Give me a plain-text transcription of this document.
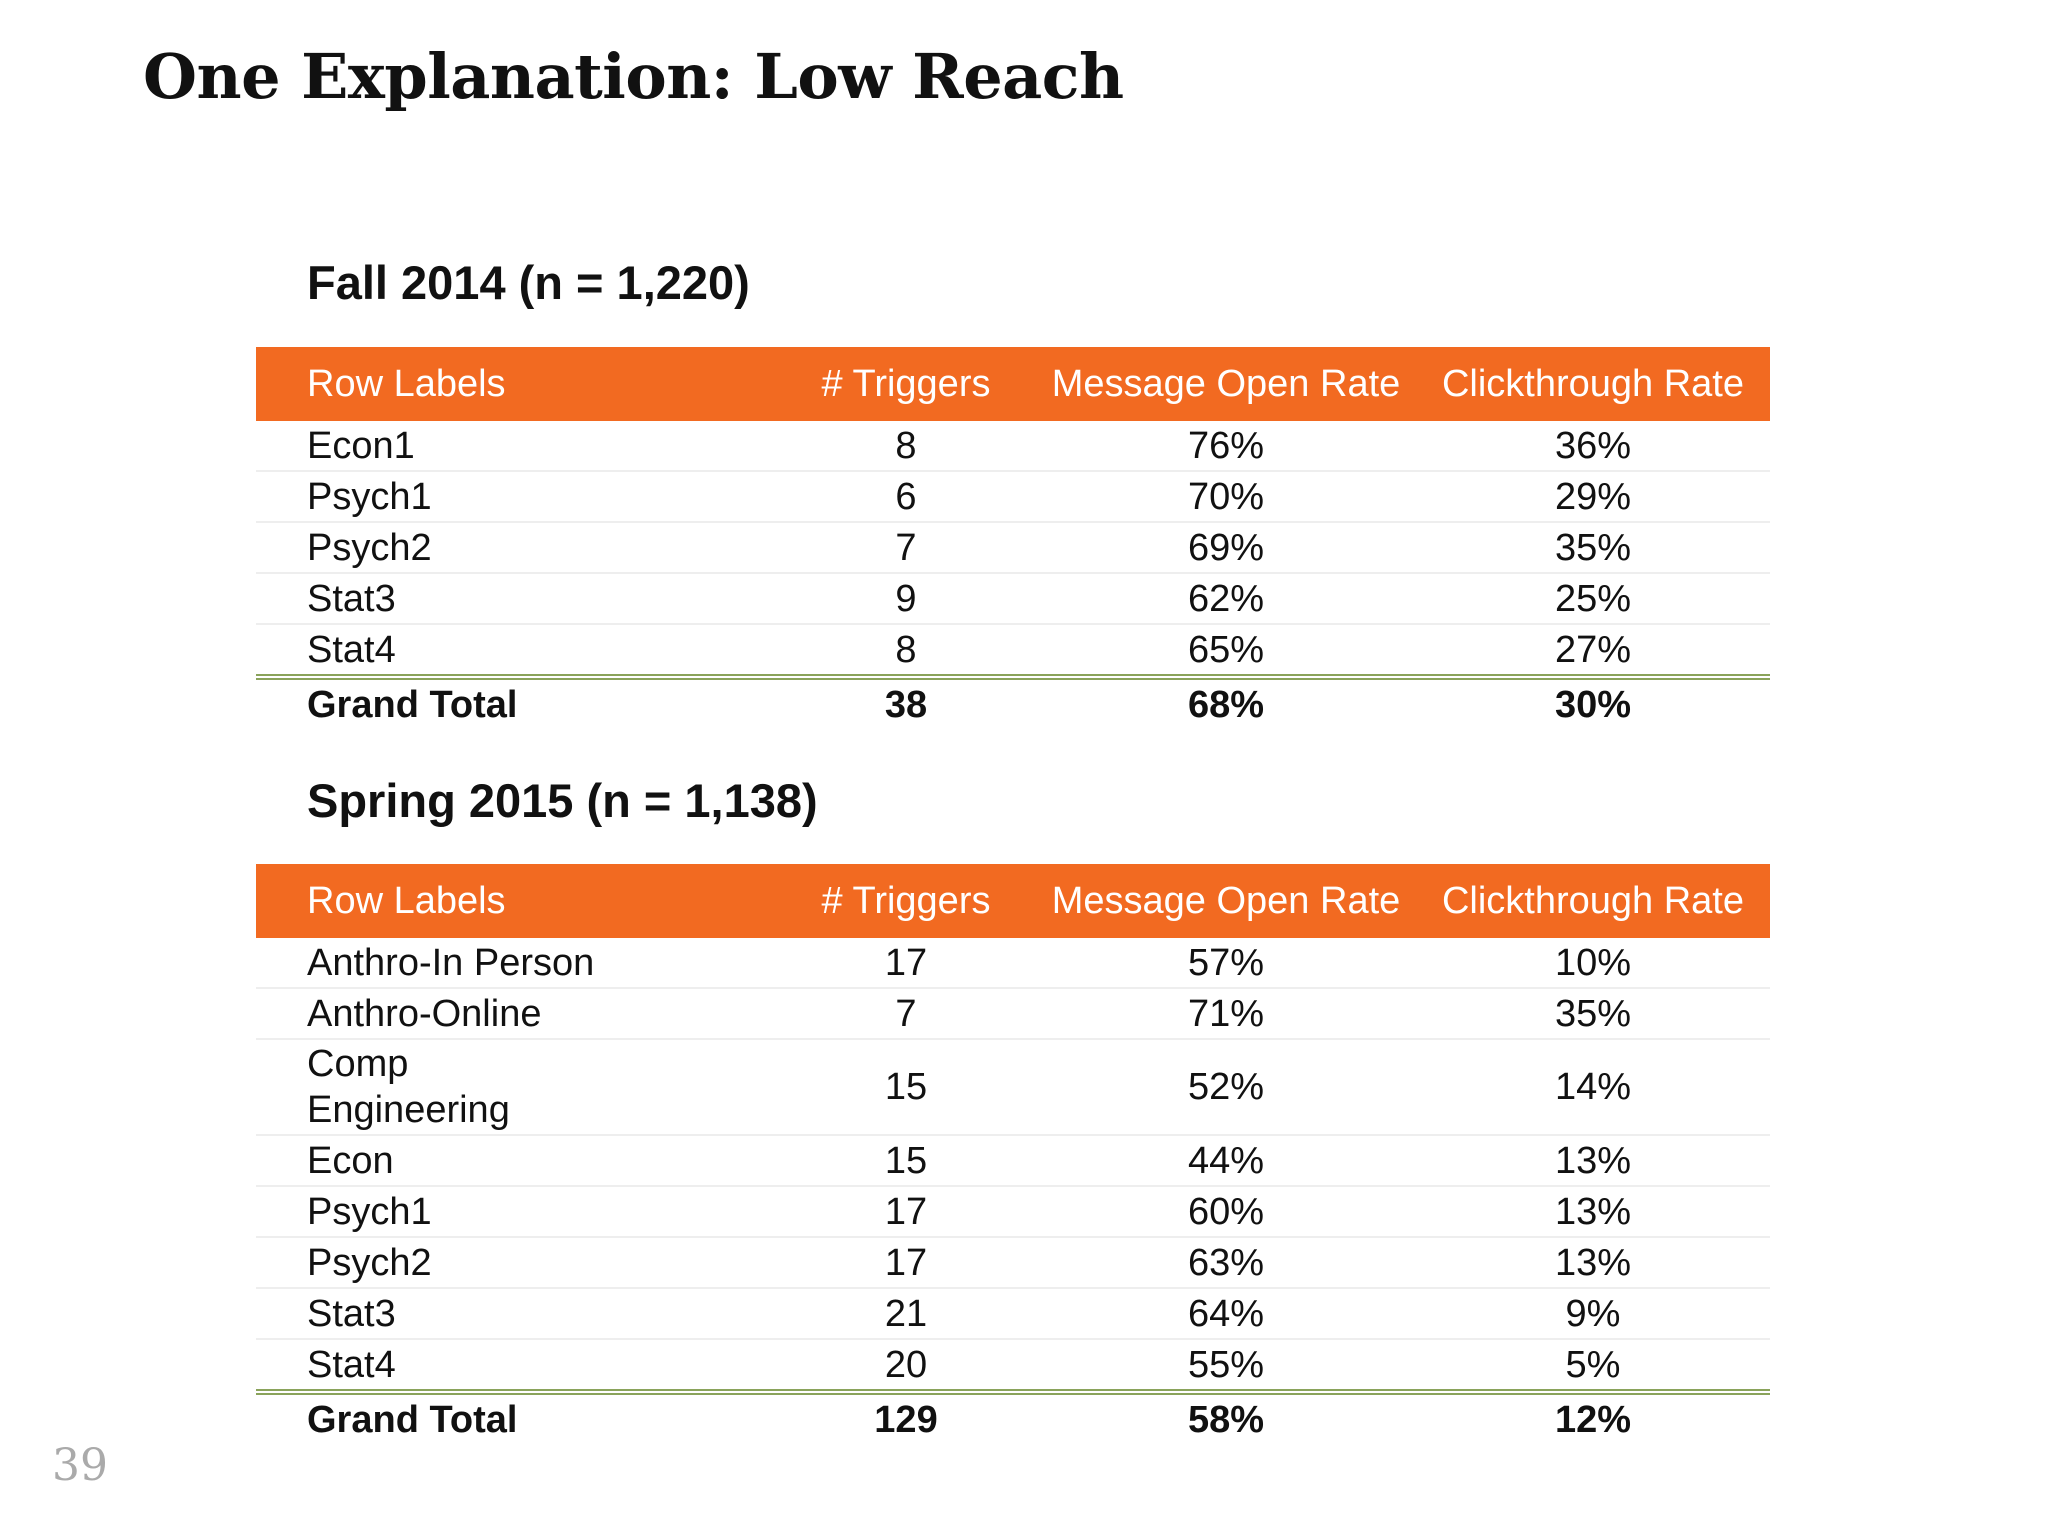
One Explanation: Low Reach
Fall 2014 (n = 1,220)
Row Labels	# Triggers	Message Open Rate	Clickthrough Rate
Econ1	8	76%	36%
Psych1	6	70%	29%
Psych2	7	69%	35%
Stat3	9	62%	25%
Stat4	8	65%	27%
Grand Total	38	68%	30%
Spring 2015 (n = 1,138)
Row Labels	# Triggers	Message Open Rate	Clickthrough Rate
Anthro-In Person	17	57%	10%
Anthro-Online	7	71%	35%

Comp
Engineering	15	52%	14%
Econ	15	44%	13%
Psych1	17	60%	13%
Psych2	17	63%	13%
Stat3	21	64%	9%
Stat4	20	55%	5%
Grand Total	129	58%	12%
39
